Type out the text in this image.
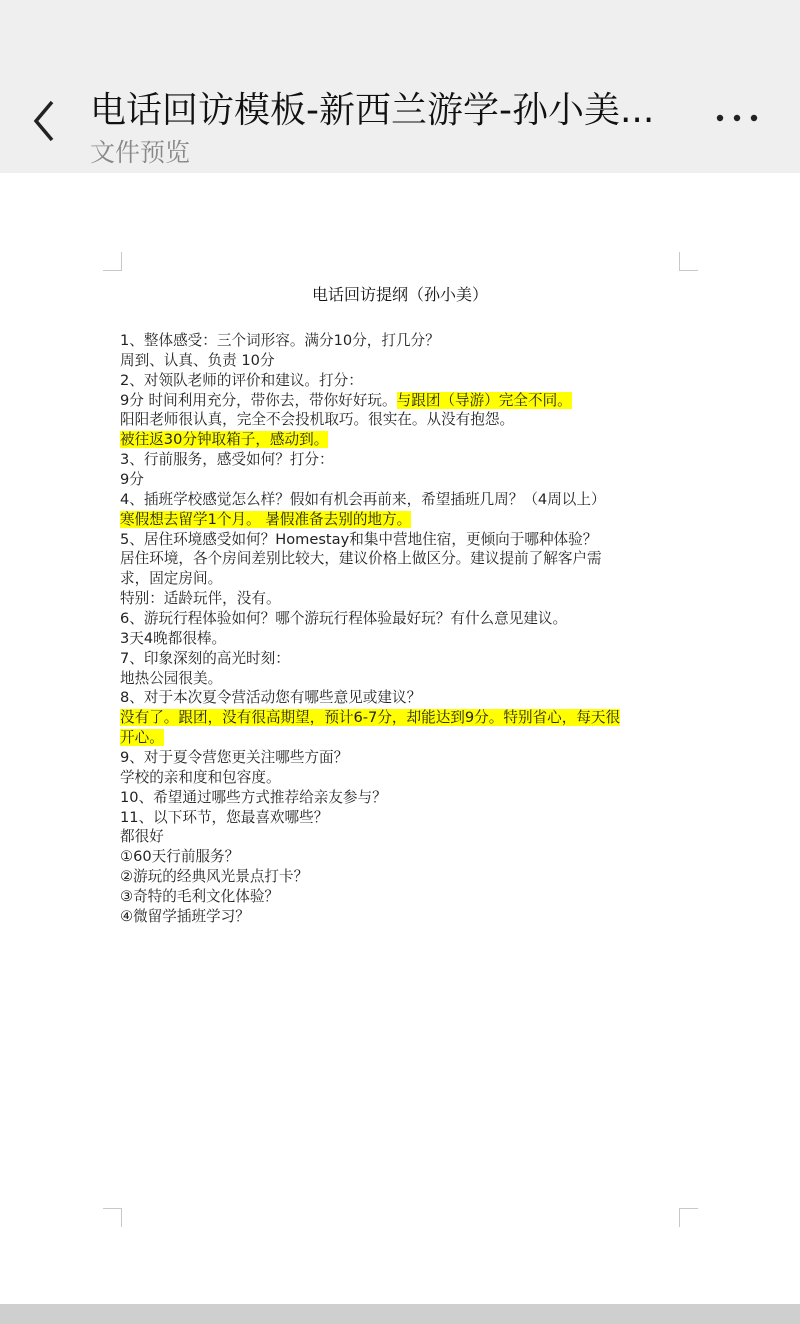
电话回访模板-新西兰游学-孙小美...
文件预览
电话回访提纲（孙小美）
1、整体感受：三个词形容。满分10分，打几分？
周到、认真、负责 10分
2、对领队老师的评价和建议。打分：
9分 时间利用充分，带你去，带你好好玩。与跟团（导游）完全不同。
阳阳老师很认真，完全不会投机取巧。很实在。从没有抱怨。
被往返30分钟取箱子，感动到。
3、行前服务，感受如何？打分：
9分
4、插班学校感觉怎么样？假如有机会再前来，希望插班几周？（4周以上）
寒假想去留学1个月。 暑假准备去别的地方。
5、居住环境感受如何？Homestay和集中营地住宿，更倾向于哪种体验？
居住环境，各个房间差别比较大，建议价格上做区分。建议提前了解客户需
求，固定房间。
特别：适龄玩伴，没有。
6、游玩行程体验如何？哪个游玩行程体验最好玩？有什么意见建议。
3天4晚都很棒。
7、印象深刻的高光时刻：
地热公园很美。
8、对于本次夏令营活动您有哪些意见或建议？
没有了。跟团，没有很高期望，预计6-7分，却能达到9分。特别省心，每天很
开心。
9、对于夏令营您更关注哪些方面？
学校的亲和度和包容度。
10、希望通过哪些方式推荐给亲友参与？
11、以下环节，您最喜欢哪些？
都很好
①60天行前服务？
②游玩的经典风光景点打卡？
③奇特的毛利文化体验？
④微留学插班学习？
